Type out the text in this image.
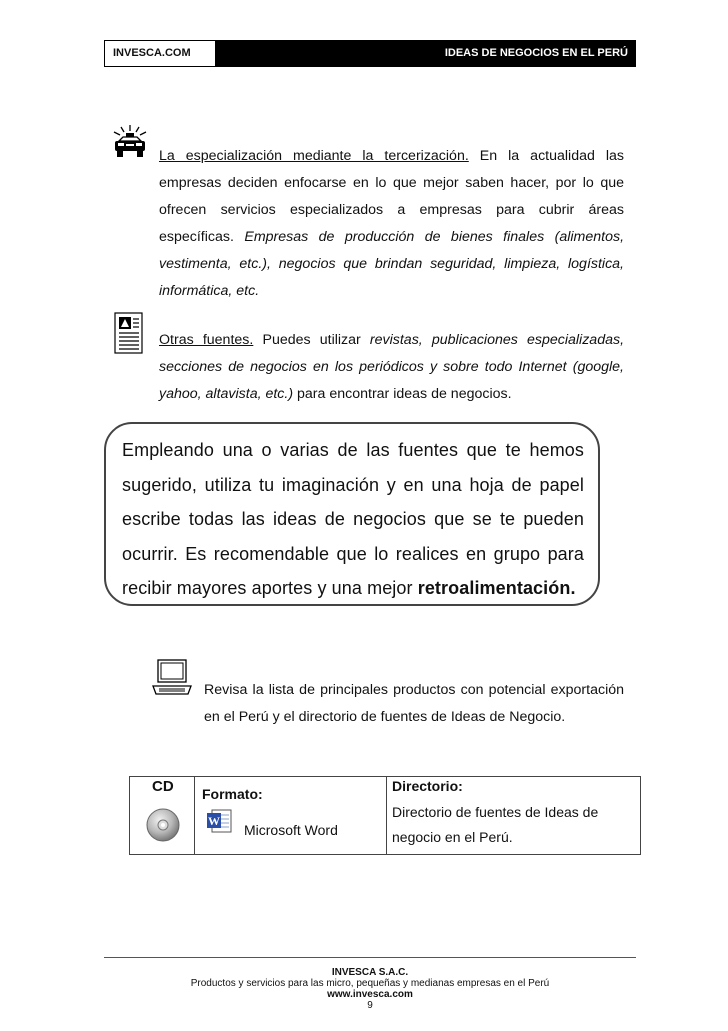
INVESCA.COM	IDEAS DE NEGOCIOS EN EL PERÚ
La especialización mediante la tercerización. En la actualidad las empresas deciden enfocarse en lo que mejor saben hacer, por lo que ofrecen servicios especializados a empresas para cubrir áreas específicas. Empresas de producción de bienes finales (alimentos, vestimenta, etc.), negocios que brindan seguridad, limpieza, logística, informática, etc.
Otras fuentes. Puedes utilizar revistas, publicaciones especializadas, secciones de negocios en los periódicos y sobre todo Internet (google, yahoo, altavista, etc.) para encontrar ideas de negocios.
Empleando una o varias de las fuentes que te hemos sugerido, utiliza tu imaginación y en una hoja de papel escribe todas las ideas de negocios que se te pueden ocurrir. Es recomendable que lo realices en grupo para recibir mayores aportes y una mejor retroalimentación.
Revisa la lista de principales productos con potencial exportación en el Perú y el directorio de fuentes de Ideas de Negocio.
CD Formato:
W
Microsoft Word
Directorio:
Directorio de fuentes de Ideas de
negocio en el Perú.
INVESCA S.A.C.
Productos y servicios para las micro, pequeñas y medianas empresas en el Perú
www.invesca.com
9
